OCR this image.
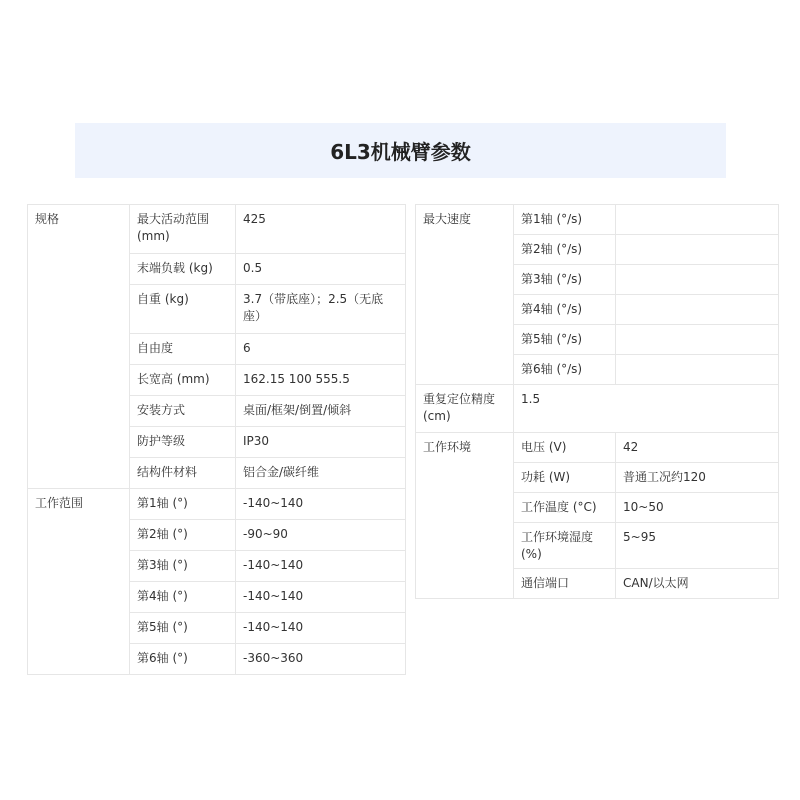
6L3机械臂参数
规格	最大活动范围 (mm)	425
	末端负载 (kg)	0.5
	自重 (kg)	3.7（带底座）；2.5（无底座）
	自由度	6
	长宽高 (mm)	162.15 100 555.5
	安装方式	桌面/框架/倒置/倾斜
	防护等级	IP30
	结构件材料	铝合金/碳纤维
工作范围	第1轴 (°)	-140~140
	第2轴 (°)	-90~90
	第3轴 (°)	-140~140
	第4轴 (°)	-140~140
	第5轴 (°)	-140~140
	第6轴 (°)	-360~360
最大速度	第1轴 (°/s)	
	第2轴 (°/s)	
	第3轴 (°/s)	
	第4轴 (°/s)	
	第5轴 (°/s)	
	第6轴 (°/s)	
重复定位精度 (cm)	1.5	
工作环境	电压 (V)	42
	功耗 (W)	普通工况约120
	工作温度 (°C)	10~50
	工作环境湿度(%)	5~95
	通信端口	CAN/以太网
